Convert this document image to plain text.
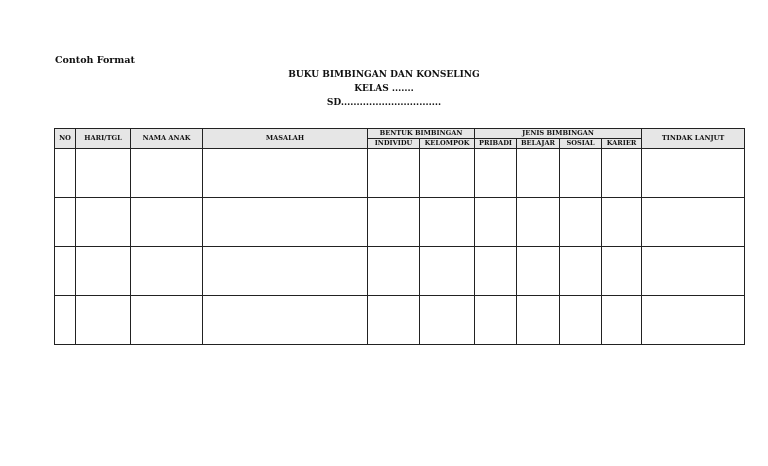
Contoh Format
BUKU BIMBINGAN DAN KONSELING
KELAS .......
SD................................
NO	HARI/TGL	NAMA ANAK	MASALAH	BENTUK BIMBINGAN		JENIS BIMBINGAN				TINDAK LANJUT
				INDIVIDU	KELOMPOK	PRIBADI	BELAJAR	SOSIAL	KARIER	
